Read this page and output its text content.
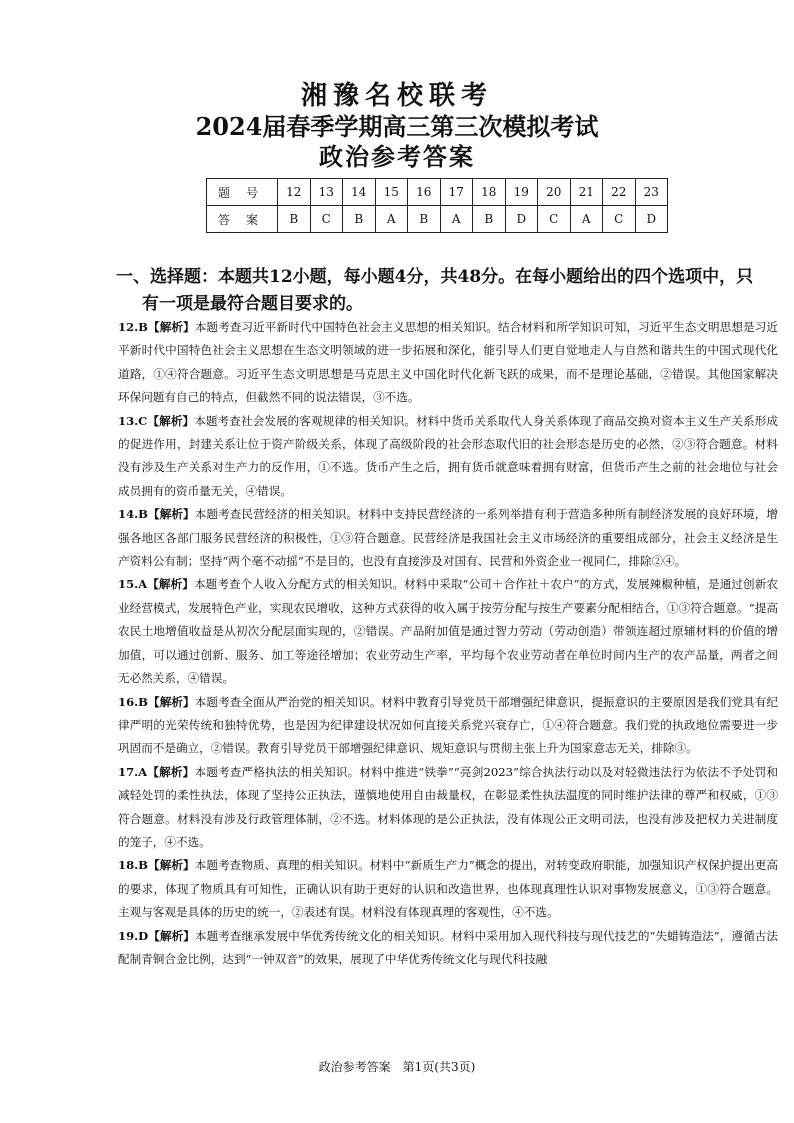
湘豫名校联考
2024届春季学期高三第三次模拟考试
政治参考答案
题号	12	13	14	15	16	17	18	19	20	21	22	23
答案	B	C	B	A	B	A	B	D	C	A	C	D
一、选择题：本题共12小题，每小题4分，共48分。在每小题给出的四个选项中，只
有一项是最符合题目要求的。
12.B【解析】本题考查习近平新时代中国特色社会主义思想的相关知识。结合材料和所学知识可知，习近平生态文明思想是习近平新时代中国特色社会主义思想在生态文明领域的进一步拓展和深化，能引导人们更自觉地走人与自然和谐共生的中国式现代化道路，①④符合题意。习近平生态文明思想是马克思主义中国化时代化新飞跃的成果，而不是理论基础，②错误。其他国家解决环保问题有自己的特点，但截然不同的说法错误，③不选。
13.C【解析】本题考查社会发展的客观规律的相关知识。材料中货币关系取代人身关系体现了商品交换对资本主义生产关系形成的促进作用，封建关系让位于资产阶级关系，体现了高级阶段的社会形态取代旧的社会形态是历史的必然，②③符合题意。材料没有涉及生产关系对生产力的反作用，①不选。货币产生之后，拥有货币就意味着拥有财富，但货币产生之前的社会地位与社会成员拥有的资币量无关，④错误。
14.B【解析】本题考查民营经济的相关知识。材料中支持民营经济的一系列举措有利于营造多种所有制经济发展的良好环境，增强各地区各部门服务民营经济的积极性，①③符合题意。民营经济是我国社会主义市场经济的重要组成部分，社会主义经济是生产资料公有制；坚持“两个毫不动摇”不是目的，也没有直接涉及对国有、民营和外资企业一视同仁，排除②④。
15.A【解析】本题考查个人收入分配方式的相关知识。材料中采取“公司＋合作社＋农户”的方式，发展辣椒种植，是通过创新农业经营模式，发展特色产业，实现农民增收，这种方式获得的收入属于按劳分配与按生产要素分配相结合，①③符合题意。“提高农民土地增值收益是从初次分配层面实现的，②错误。产品附加值是通过智力劳动（劳动创造）带领连超过原辅材料的价值的增加值，可以通过创新、服务、加工等途径增加；农业劳动生产率，平均每个农业劳动者在单位时间内生产的农产品量，两者之间无必然关系，④错误。
16.B【解析】本题考查全面从严治党的相关知识。材料中教育引导党员干部增强纪律意识，提振意识的主要原因是我们党具有纪律严明的光荣传统和独特优势，也是因为纪律建设状况如何直接关系党兴衰存亡，①④符合题意。我们党的执政地位需要进一步巩固而不是确立，②错误。教育引导党员干部增强纪律意识、规矩意识与贯彻主张上升为国家意志无关，排除③。
17.A【解析】本题考查严格执法的相关知识。材料中推进“铁拳”“亮剑2023”综合执法行动以及对轻微违法行为依法不予处罚和减轻处罚的柔性执法，体现了坚持公正执法，谨慎地使用自由裁量权，在彰显柔性执法温度的同时维护法律的尊严和权威，①③符合题意。材料没有涉及行政管理体制，②不选。材料体现的是公正执法，没有体现公正文明司法，也没有涉及把权力关进制度的笼子，④不选。
18.B【解析】本题考查物质、真理的相关知识。材料中“新质生产力”概念的提出，对转变政府职能，加强知识产权保护提出更高的要求，体现了物质具有可知性，正确认识有助于更好的认识和改造世界，也体现真理性认识对事物发展意义，①③符合题意。主观与客观是具体的历史的统一，②表述有误。材料没有体现真理的客观性，④不选。
19.D【解析】本题考查继承发展中华优秀传统文化的相关知识。材料中采用加入现代科技与现代技艺的“失蜡铸造法”，遵循古法配制青铜合金比例，达到“一钟双音”的效果，展现了中华优秀传统文化与现代科技融
政治参考答案　第1页(共3页)
